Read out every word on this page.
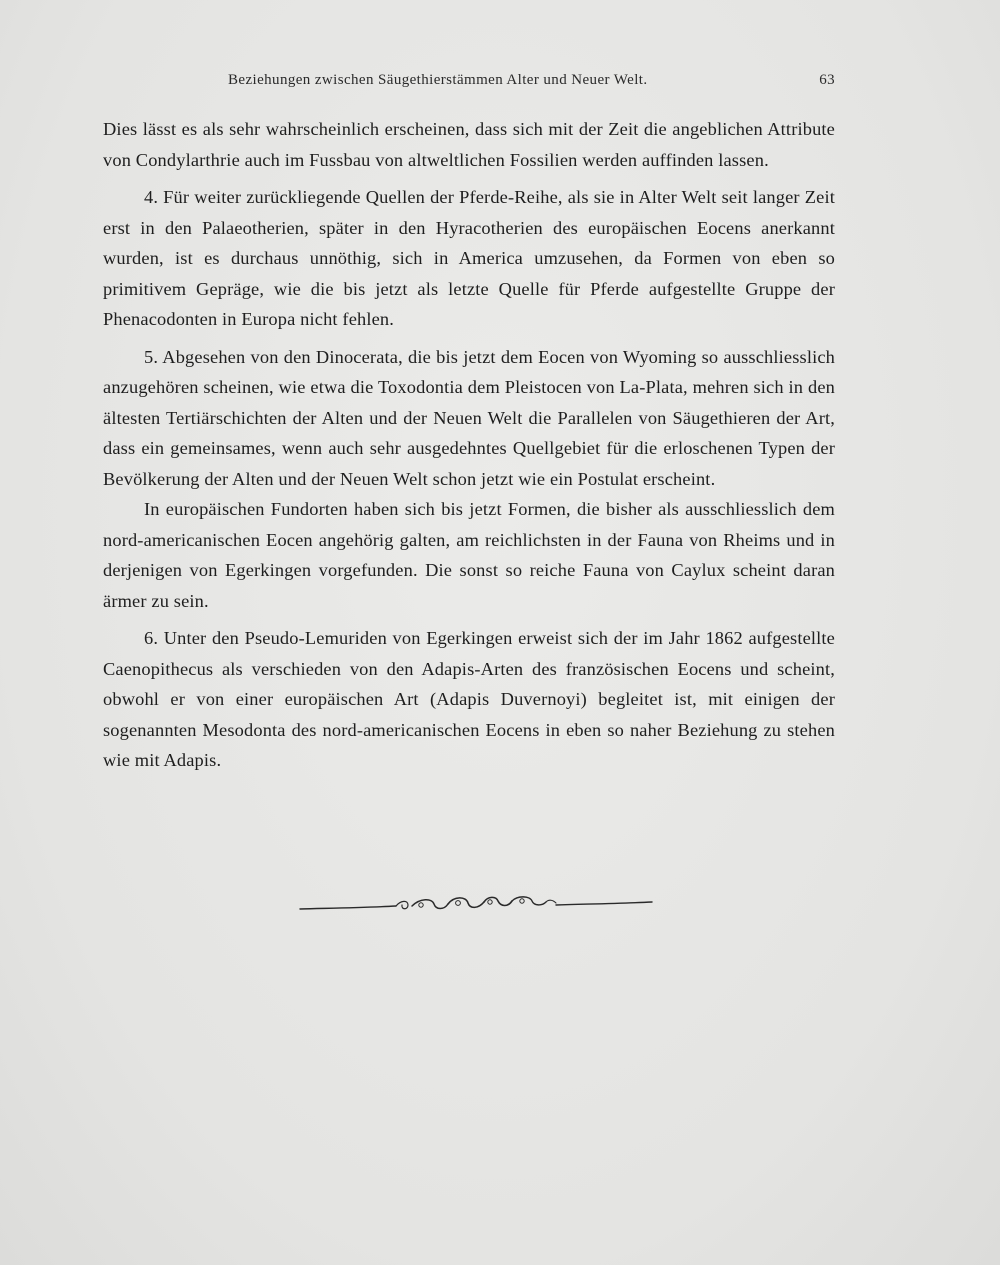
Beziehungen zwischen Säugethierstämmen Alter und Neuer Welt.	63

Dies lässt es als sehr wahrscheinlich erscheinen, dass sich mit der Zeit die angeblichen Attribute von Condylarthrie auch im Fussbau von altweltlichen Fossilien werden auffinden lassen.

4. Für weiter zurückliegende Quellen der Pferde-Reihe, als sie in Alter Welt seit langer Zeit erst in den Palaeotherien, später in den Hyracotherien des europäischen Eocens anerkannt wurden, ist es durchaus unnöthig, sich in America umzusehen, da Formen von eben so primitivem Gepräge, wie die bis jetzt als letzte Quelle für Pferde aufgestellte Gruppe der Phenacodonten in Europa nicht fehlen.

5. Abgesehen von den Dinocerata, die bis jetzt dem Eocen von Wyoming so ausschliesslich anzugehören scheinen, wie etwa die Toxodontia dem Pleistocen von La-Plata, mehren sich in den ältesten Tertiärschichten der Alten und der Neuen Welt die Parallelen von Säugethieren der Art, dass ein gemeinsames, wenn auch sehr ausgedehntes Quellgebiet für die erloschenen Typen der Bevölkerung der Alten und der Neuen Welt schon jetzt wie ein Postulat erscheint.

In europäischen Fundorten haben sich bis jetzt Formen, die bisher als ausschliesslich dem nord-americanischen Eocen angehörig galten, am reichlichsten in der Fauna von Rheims und in derjenigen von Egerkingen vorgefunden. Die sonst so reiche Fauna von Caylux scheint daran ärmer zu sein.

6. Unter den Pseudo-Lemuriden von Egerkingen erweist sich der im Jahr 1862 aufgestellte Caenopithecus als verschieden von den Adapis-Arten des französischen Eocens und scheint, obwohl er von einer europäischen Art (Adapis Duvernoyi) begleitet ist, mit einigen der sogenannten Mesodonta des nord-americanischen Eocens in eben so naher Beziehung zu stehen wie mit Adapis.
